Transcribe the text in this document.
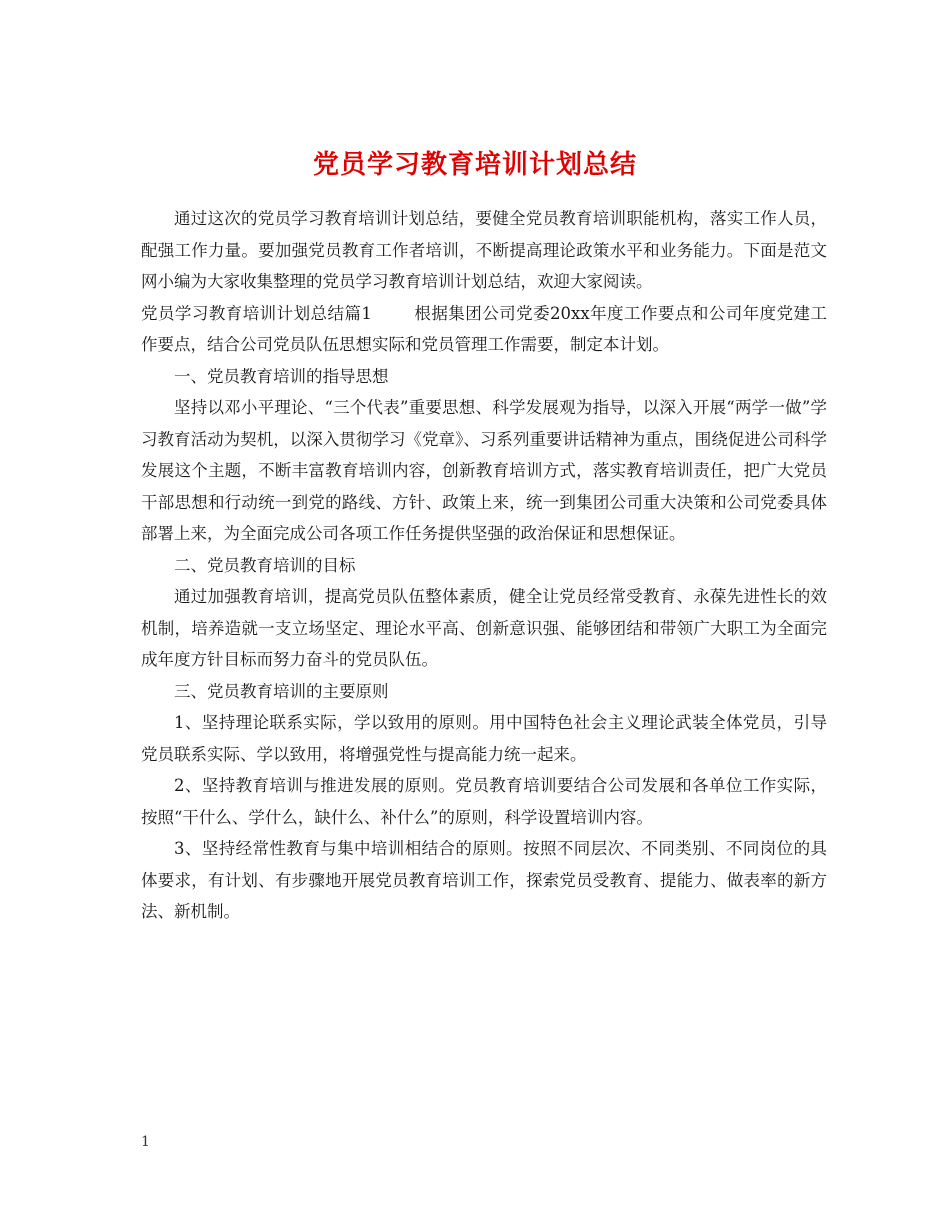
党员学习教育培训计划总结

通过这次的党员学习教育培训计划总结，要健全党员教育培训职能机构，落实工作人员，配强工作力量。要加强党员教育工作者培训，不断提高理论政策水平和业务能力。下面是范文网小编为大家收集整理的党员学习教育培训计划总结，欢迎大家阅读。

党员学习教育培训计划总结篇1	根据集团公司党委20xx年度工作要点和公司年度党建工作要点，结合公司党员队伍思想实际和党员管理工作需要，制定本计划。

一、党员教育培训的指导思想

坚持以邓小平理论、“三个代表”重要思想、科学发展观为指导，以深入开展“两学一做”学习教育活动为契机，以深入贯彻学习《党章》、习系列重要讲话精神为重点，围绕促进公司科学发展这个主题，不断丰富教育培训内容，创新教育培训方式，落实教育培训责任，把广大党员干部思想和行动统一到党的路线、方针、政策上来，统一到集团公司重大决策和公司党委具体部署上来，为全面完成公司各项工作任务提供坚强的政治保证和思想保证。

二、党员教育培训的目标

通过加强教育培训，提高党员队伍整体素质，健全让党员经常受教育、永葆先进性长的效机制，培养造就一支立场坚定、理论水平高、创新意识强、能够团结和带领广大职工为全面完成年度方针目标而努力奋斗的党员队伍。

三、党员教育培训的主要原则

1、坚持理论联系实际，学以致用的原则。用中国特色社会主义理论武装全体党员，引导党员联系实际、学以致用，将增强党性与提高能力统一起来。

2、坚持教育培训与推进发展的原则。党员教育培训要结合公司发展和各单位工作实际，按照“干什么、学什么，缺什么、补什么”的原则，科学设置培训内容。

3、坚持经常性教育与集中培训相结合的原则。按照不同层次、不同类别、不同岗位的具体要求，有计划、有步骤地开展党员教育培训工作，探索党员受教育、提能力、做表率的新方法、新机制。

1
